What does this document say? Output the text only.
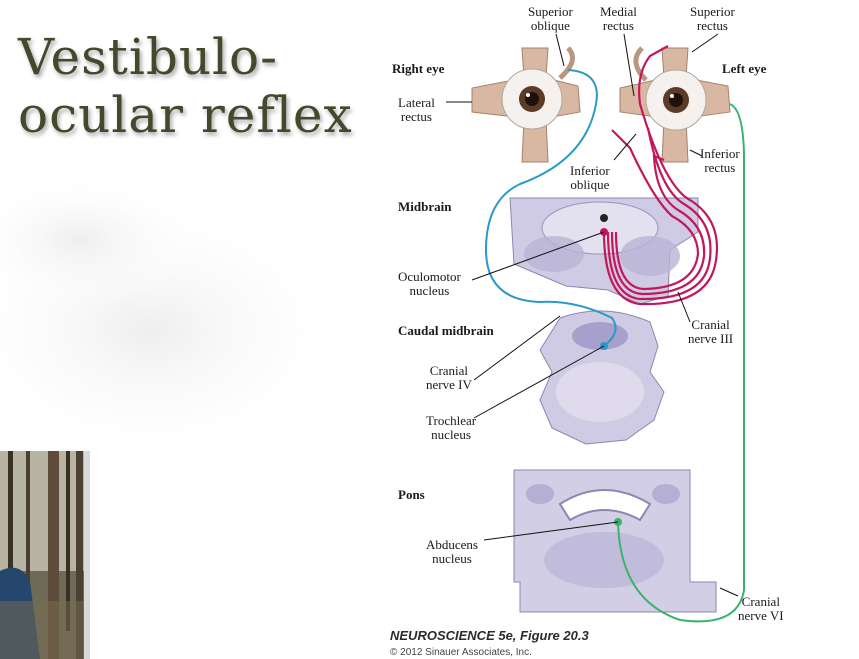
Vestibulo-
ocular reflex
Superior
oblique
Medial
rectus
Superior
rectus
Right eye	Left eye
Lateral
rectus
Inferior
oblique
Inferior
rectus
Midbrain
Oculomotor
nucleus
Caudal midbrain	Cranial
nerve III
Cranial
nerve IV
Trochlear
nucleus
Pons
Abducens
nucleus
Cranial
nerve VI
NEUROSCIENCE 5e, Figure 20.3
© 2012 Sinauer Associates, Inc.
